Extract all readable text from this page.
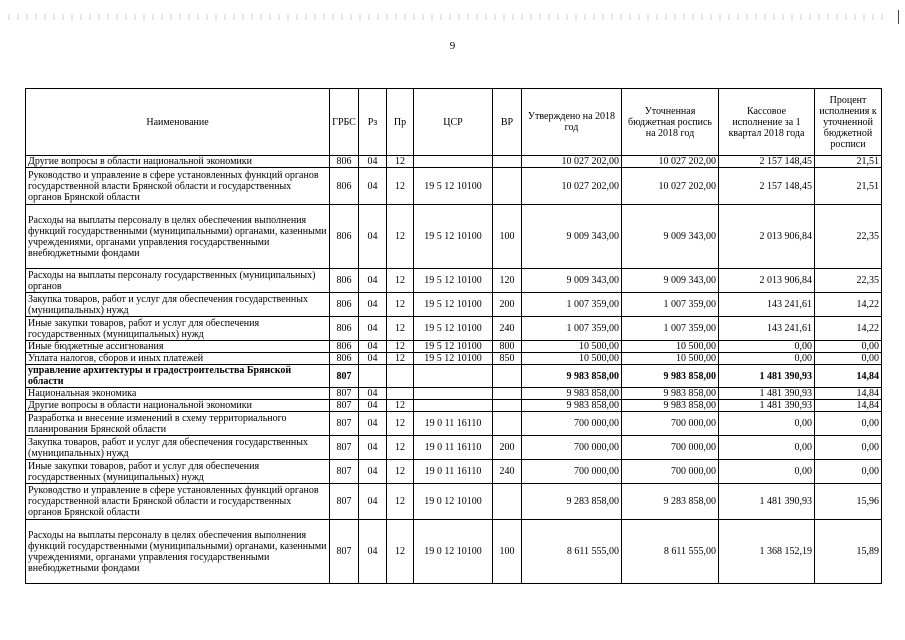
9
Наименование	ГРБС	Рз	Пр	ЦСР	ВР	Утверждено на 2018 год	Уточненная бюджетная роспись на 2018 год	Кассовое исполнение за 1 квартал 2018 года	Процент исполнения к уточненной бюджетной росписи
Другие вопросы в области национальной экономики	806	04	12			10 027 202,00	10 027 202,00	2 157 148,45	21,51
Руководство и управление в сфере установленных функций органов государственной власти Брянской области и государственных органов Брянской области	806	04	12	19 5 12 10100		10 027 202,00	10 027 202,00	2 157 148,45	21,51
Расходы на выплаты персоналу в целях обеспечения выполнения функций государственными (муниципальными) органами, казенными учреждениями, органами управления государственными внебюджетными фондами	806	04	12	19 5 12 10100	100	9 009 343,00	9 009 343,00	2 013 906,84	22,35
Расходы на выплаты персоналу государственных (муниципальных) органов	806	04	12	19 5 12 10100	120	9 009 343,00	9 009 343,00	2 013 906,84	22,35
Закупка товаров, работ и услуг для обеспечения государственных (муниципальных) нужд	806	04	12	19 5 12 10100	200	1 007 359,00	1 007 359,00	143 241,61	14,22
Иные закупки товаров, работ и услуг для обеспечения государственных (муниципальных) нужд	806	04	12	19 5 12 10100	240	1 007 359,00	1 007 359,00	143 241,61	14,22
Иные бюджетные ассигнования	806	04	12	19 5 12 10100	800	10 500,00	10 500,00	0,00	0,00
Уплата налогов, сборов и иных платежей	806	04	12	19 5 12 10100	850	10 500,00	10 500,00	0,00	0,00
управление архитектуры и градостроительства Брянской области	807					9 983 858,00	9 983 858,00	1 481 390,93	14,84
Национальная экономика	807	04				9 983 858,00	9 983 858,00	1 481 390,93	14,84
Другие вопросы в области национальной экономики	807	04	12			9 983 858,00	9 983 858,00	1 481 390,93	14,84
Разработка и внесение изменений в схему территориального планирования Брянской области	807	04	12	19 0 11 16110		700 000,00	700 000,00	0,00	0,00
Закупка товаров, работ и услуг для обеспечения государственных (муниципальных) нужд	807	04	12	19 0 11 16110	200	700 000,00	700 000,00	0,00	0,00
Иные закупки товаров, работ и услуг для обеспечения государственных (муниципальных) нужд	807	04	12	19 0 11 16110	240	700 000,00	700 000,00	0,00	0,00
Руководство и управление в сфере установленных функций органов государственной власти Брянской области и государственных органов Брянской области	807	04	12	19 0 12 10100		9 283 858,00	9 283 858,00	1 481 390,93	15,96
Расходы на выплаты персоналу в целях обеспечения выполнения функций государственными (муниципальными) органами, казенными учреждениями, органами управления государственными внебюджетными фондами	807	04	12	19 0 12 10100	100	8 611 555,00	8 611 555,00	1 368 152,19	15,89
